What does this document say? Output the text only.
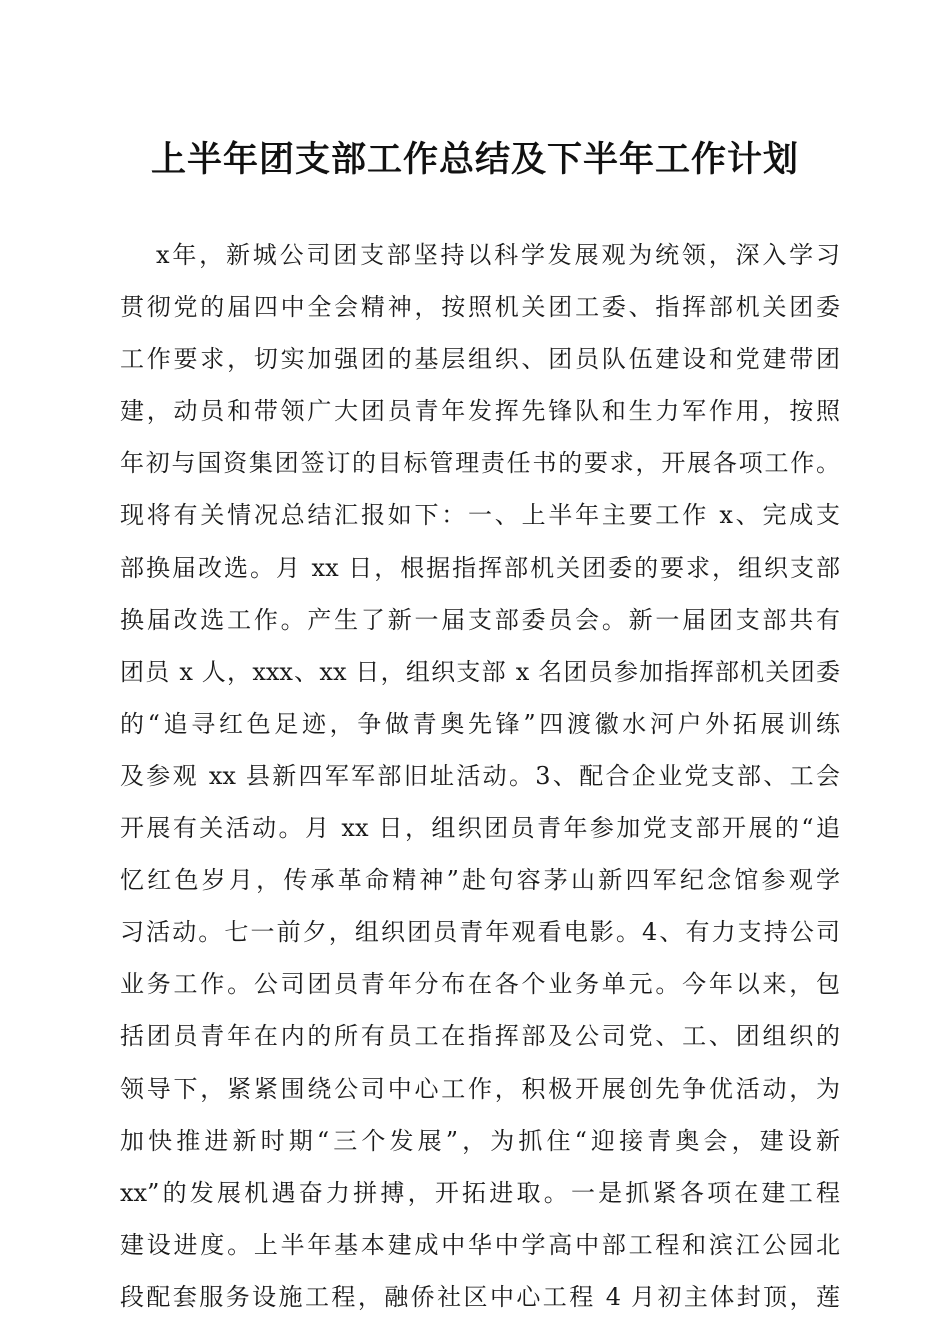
上半年团支部工作总结及下半年工作计划
x年，新城公司团支部坚持以科学发展观为统领，深入学习
贯彻党的届四中全会精神，按照机关团工委、指挥部机关团委
工作要求，切实加强团的基层组织、团员队伍建设和党建带团
建，动员和带领广大团员青年发挥先锋队和生力军作用，按照
年初与国资集团签订的目标管理责任书的要求，开展各项工作。
现将有关情况总结汇报如下：一、上半年主要工作 x、完成支
部换届改选。月 xx 日，根据指挥部机关团委的要求，组织支部
换届改选工作。产生了新一届支部委员会。新一届团支部共有
团员 x 人，xxx、xx 日，组织支部 x 名团员参加指挥部机关团委
的“追寻红色足迹，争做青奥先锋”四渡徽水河户外拓展训练
及参观 xx 县新四军军部旧址活动。3、配合企业党支部、工会
开展有关活动。月 xx 日，组织团员青年参加党支部开展的“追
忆红色岁月，传承革命精神”赴句容茅山新四军纪念馆参观学
习活动。七一前夕，组织团员青年观看电影。4、有力支持公司
业务工作。公司团员青年分布在各个业务单元。今年以来，包
括团员青年在内的所有员工在指挥部及公司党、工、团组织的
领导下，紧紧围绕公司中心工作，积极开展创先争优活动，为
加快推进新时期“三个发展”，为抓住“迎接青奥会，建设新
xx”的发展机遇奋力拼搏，开拓进取。一是抓紧各项在建工程
建设进度。上半年基本建成中华中学高中部工程和滨江公园北
段配套服务设施工程，融侨社区中心工程 4 月初主体封顶，莲
